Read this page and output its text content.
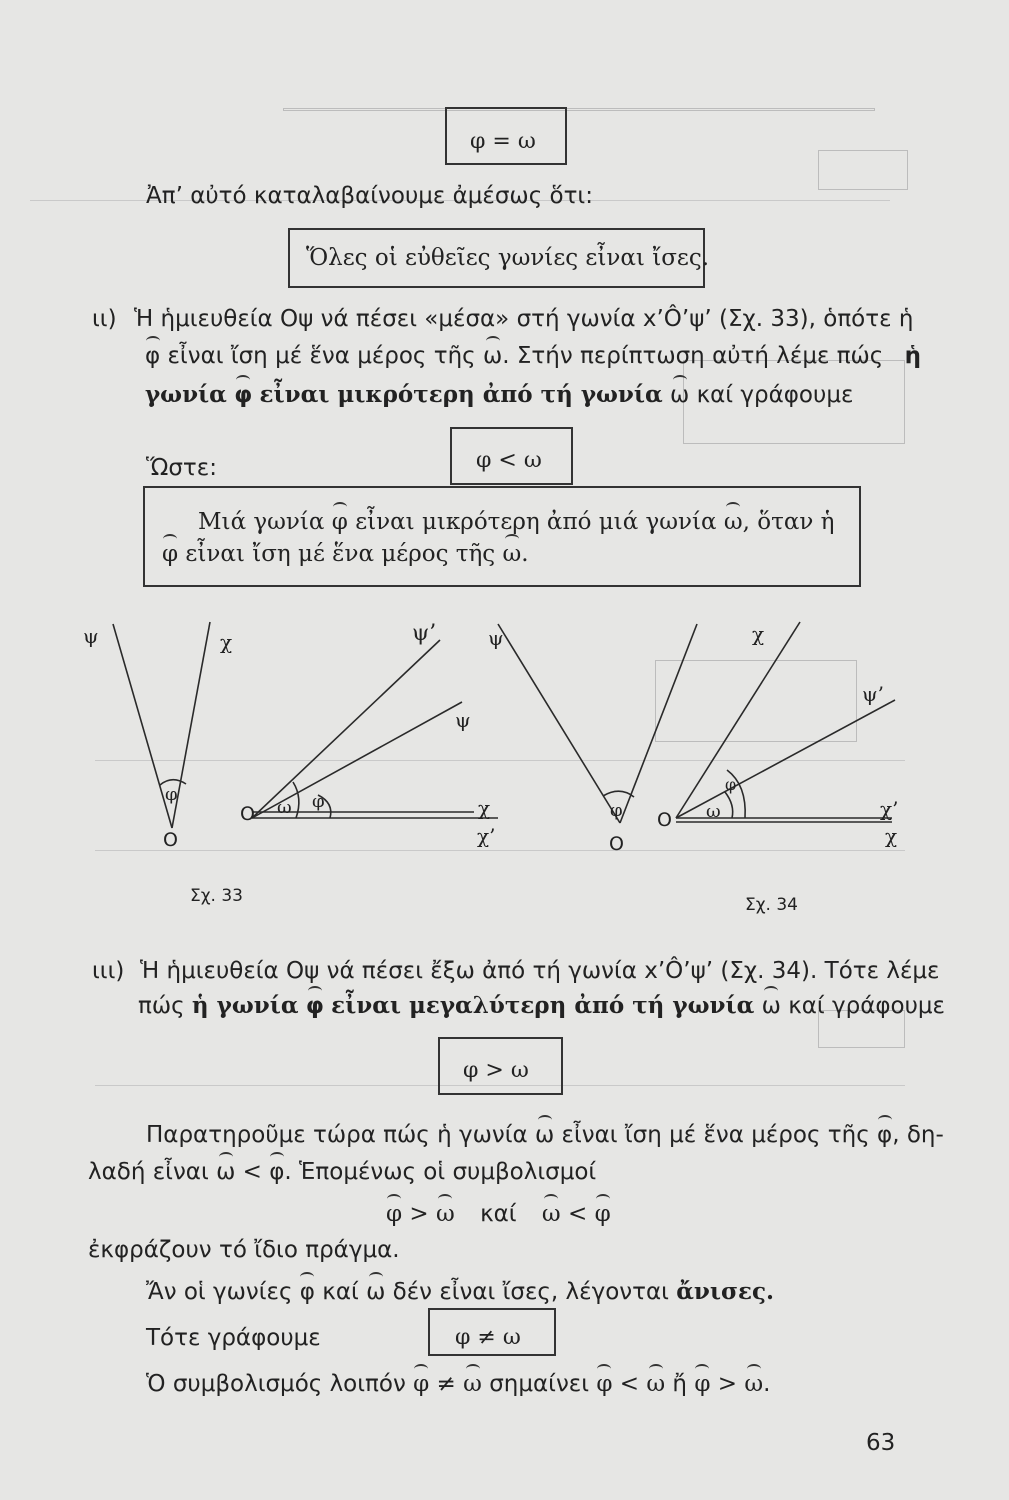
φ = ω
Ἀπ’ αὐτό καταλαβαίνουμε ἀμέσως ὅτι:
Ὅλες οἱ εὐθεῖες γωνίες εἶναι ἴσες.
ιι) Ἡ ἡμιευθεία Οψ νά πέσει «μέσα» στή γωνία x’Ô’ψ’ (Σχ. 33), ὁπότε ἡ
φ εἶναι ἴση μέ ἕνα μέρος τῆς ω. Στήν περίπτωση αὐτή λέμε πώς ἡ
γωνία φ εἶναι μικρότερη ἀπό τή γωνία ω καί γράφουμε
Ὥστε:	φ < ω
Μιά γωνία φ εἶναι μικρότερη ἀπό μιά γωνία ω, ὅταν ἡ
φ εἶναι ἴση μέ ἕνα μέρος τῆς ω.
ψ	χ
φ
O
O ω φ	χ
χ’
ψ
ψ’
Σχ. 33
ψ	χ
φ
O
O ω
φ
χ’
χ
ψ’
Σχ. 34
ιιι) Ἡ ἡμιευθεία Οψ νά πέσει ἔξω ἀπό τή γωνία x’Ô’ψ’ (Σχ. 34). Τότε λέμε
πώς ἡ γωνία φ εἶναι μεγαλύτερη ἀπό τή γωνία ω καί γράφουμε
φ > ω
Παρατηροῦμε τώρα πώς ἡ γωνία ω εἶναι ἴση μέ ἕνα μέρος τῆς φ, δη-
λαδή εἶναι ω < φ. Ἑπομένως οἱ συμβολισμοί
φ > ω καί ω < φ
ἐκφράζουν τό ἴδιο πράγμα.
Ἄν οἱ γωνίες φ καί ω δέν εἶναι ἴσες, λέγονται ἄνισες.
Τότε γράφουμε	φ ≠ ω
Ὁ συμβολισμός λοιπόν φ ≠ ω σημαίνει φ < ω ἤ φ > ω.
63
